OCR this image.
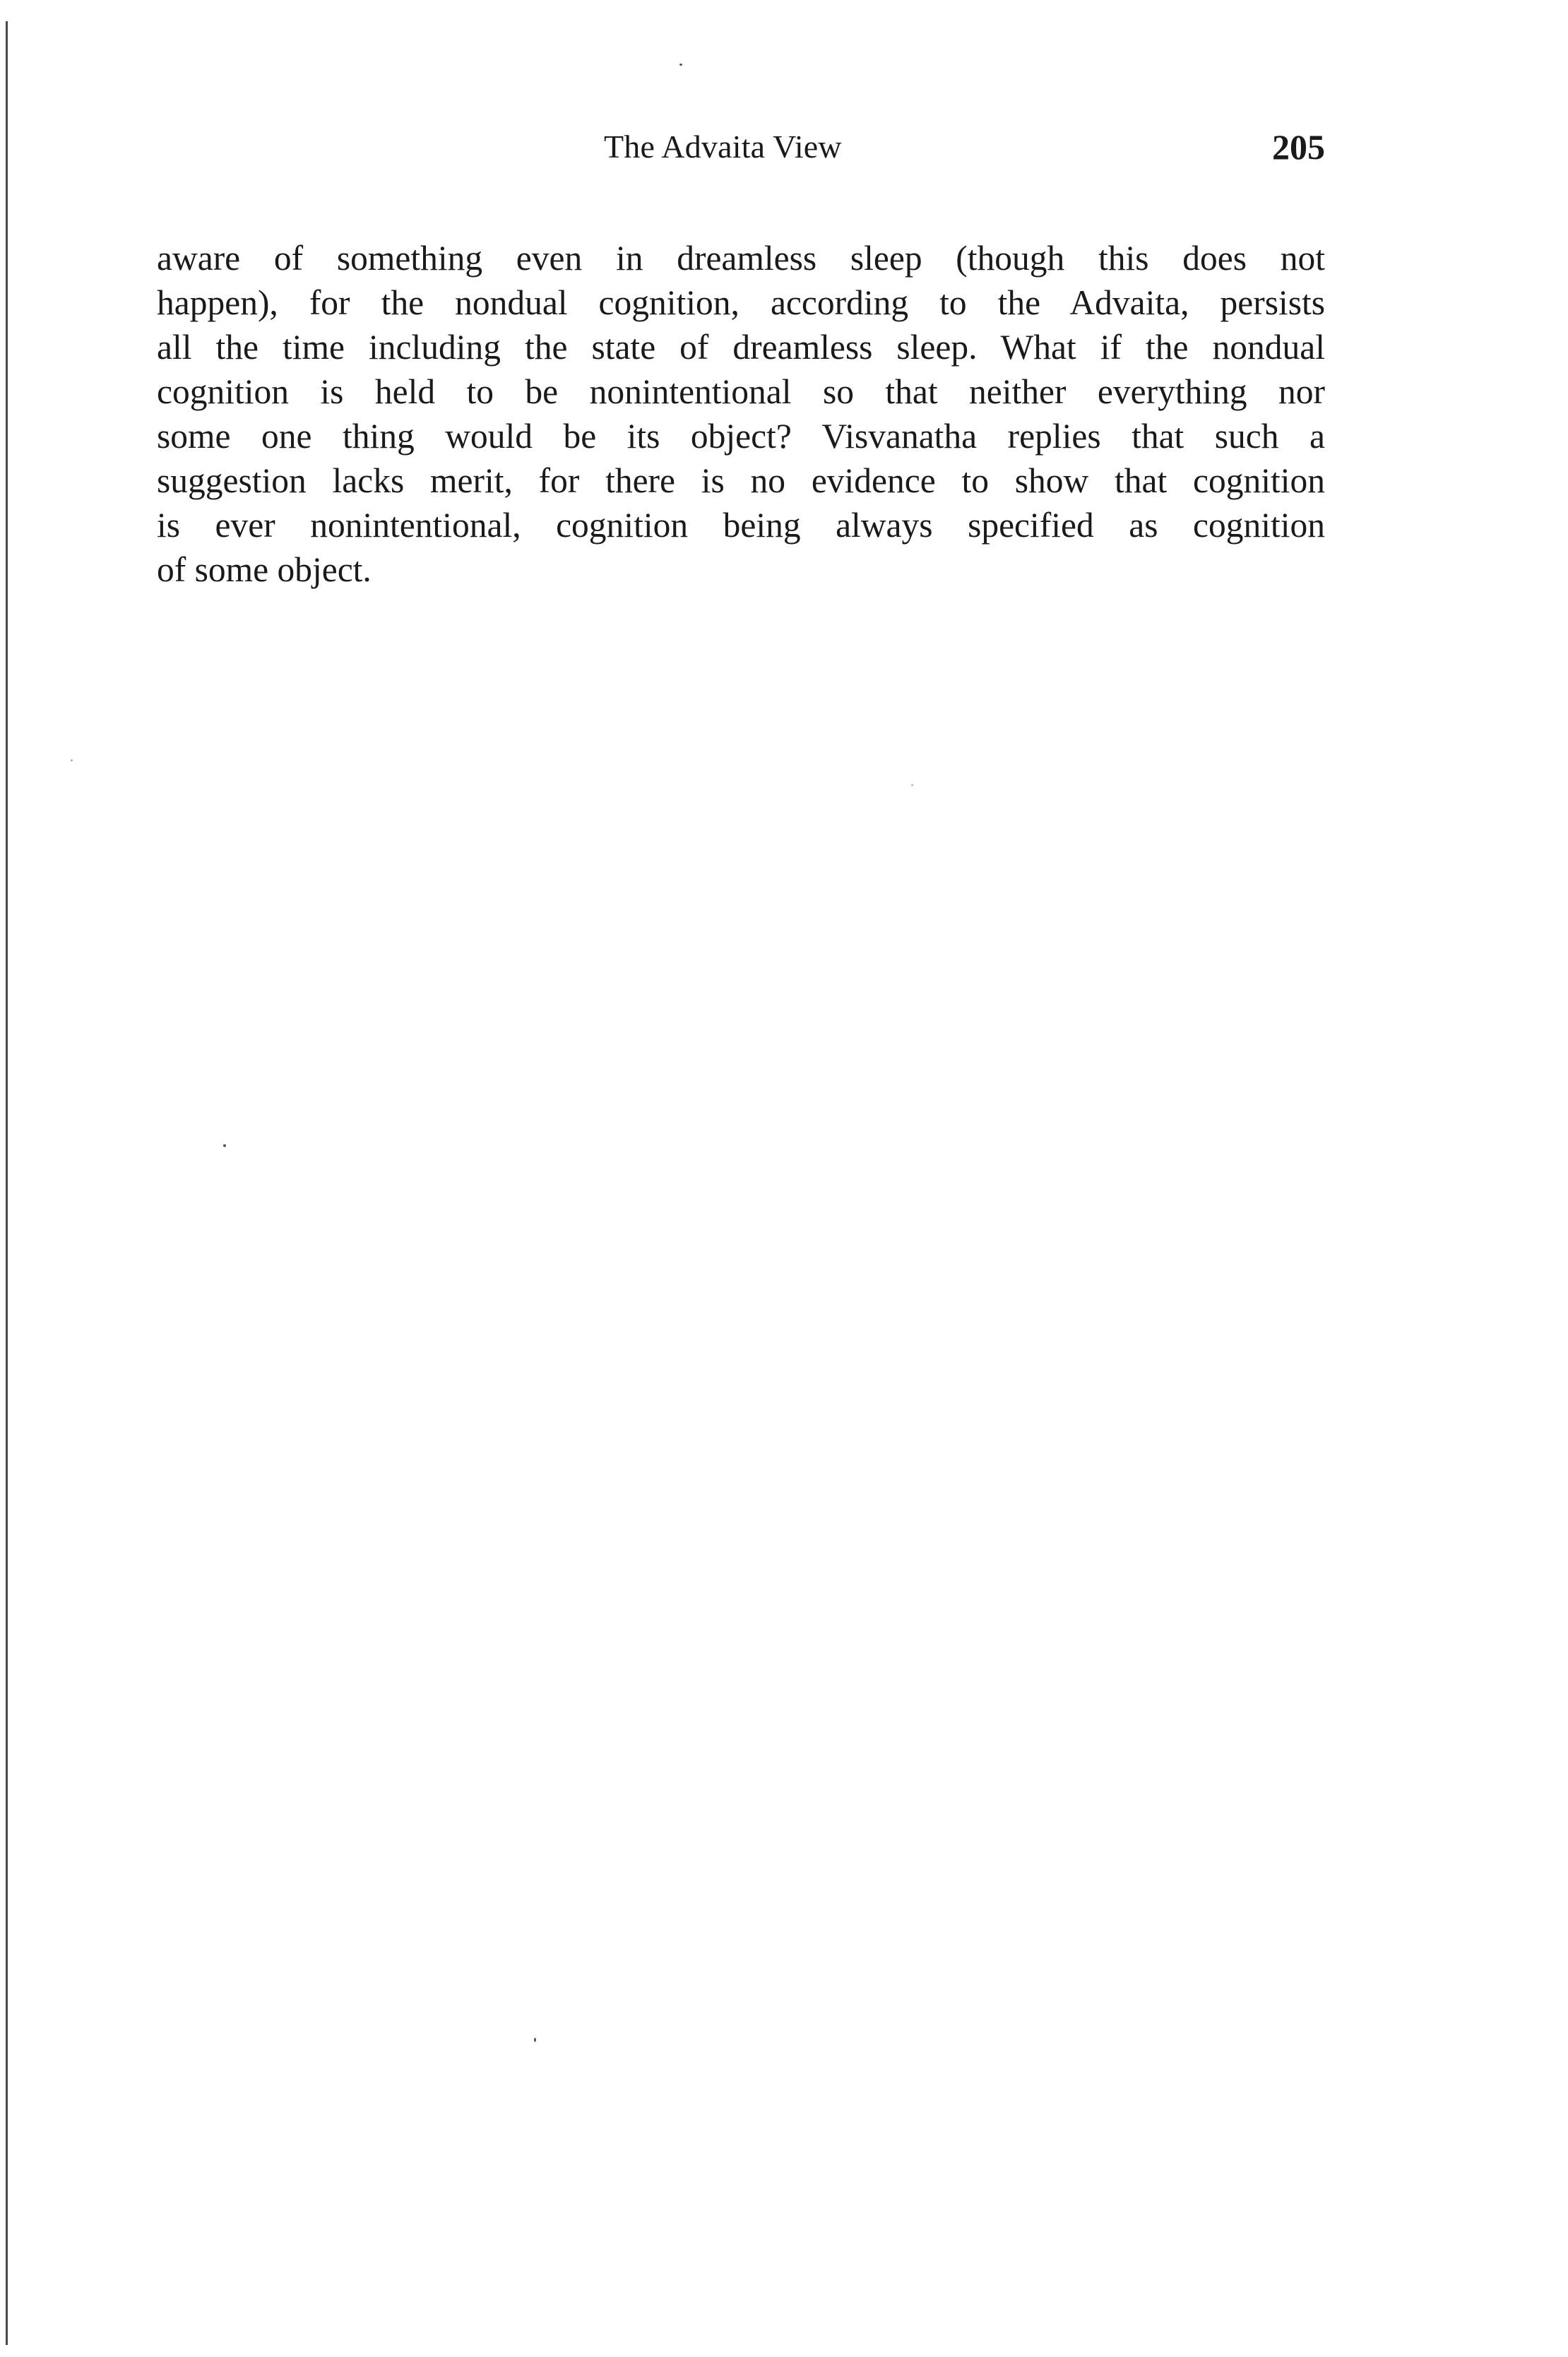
The Advaita View	205
aware of something even in dreamless sleep (though this does not
happen), for the nondual cognition, according to the Advaita, persists
all the time including the state of dreamless sleep. What if the nondual
cognition is held to be nonintentional so that neither everything nor
some one thing would be its object? Visvanatha replies that such a
suggestion lacks merit, for there is no evidence to show that cognition
is ever nonintentional, cognition being always specified as cognition
of some object.
